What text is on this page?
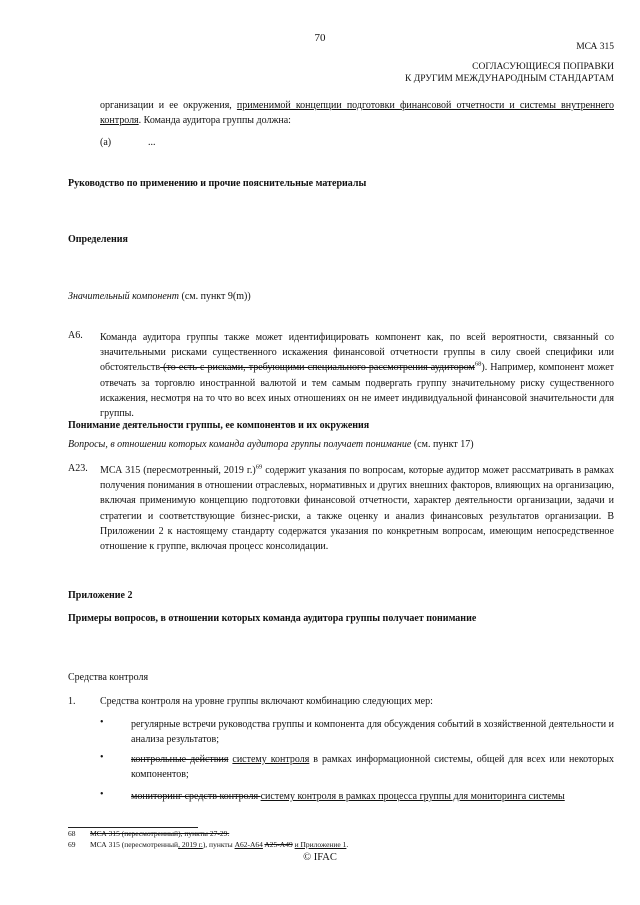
70
МСА 315
СОГЛАСУЮЩИЕСЯ ПОПРАВКИ
К ДРУГИМ МЕЖДУНАРОДНЫМ СТАНДАРТАМ
организации и ее окружения, применимой концепции подготовки финансовой отчетности и системы внутреннего контроля. Команда аудитора группы должна:
(a)	...
Руководство по применению и прочие пояснительные материалы
Определения
Значительный компонент (см. пункт 9(m))
A6. Команда аудитора группы также может идентифицировать компонент как, по всей вероятности, связанный со значительными рисками существенного искажения финансовой отчетности группы в силу своей специфики или обстоятельств (то есть с рисками, требующими специального рассмотрения аудитором$^{68}$). Например, компонент может отвечать за торговлю иностранной валютой и тем самым подвергать группу значительному риску существенного искажения, несмотря на то что во всех иных отношениях он не имеет индивидуальной финансовой значительности для группы.
Понимание деятельности группы, ее компонентов и их окружения
Вопросы, в отношении которых команда аудитора группы получает понимание (см. пункт 17)
A23. МСА 315 (пересмотренный, 2019 г.)$^{69}$ содержит указания по вопросам, которые аудитор может рассматривать в рамках получения понимания в отношении отраслевых, нормативных и других внешних факторов, влияющих на организацию, включая применимую концепцию подготовки финансовой отчетности, характер деятельности организации, задачи и стратегии и соответствующие бизнес-риски, а также оценку и анализ финансовых результатов организации. В Приложении 2 к настоящему стандарту содержатся указания по конкретным вопросам, имеющим непосредственное отношение к группе, включая процесс консолидации.
Приложение 2
Примеры вопросов, в отношении которых команда аудитора группы получает понимание
Средства контроля
1. Средства контроля на уровне группы включают комбинацию следующих мер:
•	регулярные встречи руководства группы и компонента для обсуждения событий в хозяйственной деятельности и анализа результатов;
•	контрольные действия систему контроля в рамках информационной системы, общей для всех или некоторых компонентов;
•	мониторинг средств контроля систему контроля в рамках процесса группы для мониторинга системы
68 МСА 315 (пересмотренный), пункты 27-29.
69 МСА 315 (пересмотренный, 2019 г.), пункты A62-A64 A25-A49 и Приложение 1.
© IFAC
